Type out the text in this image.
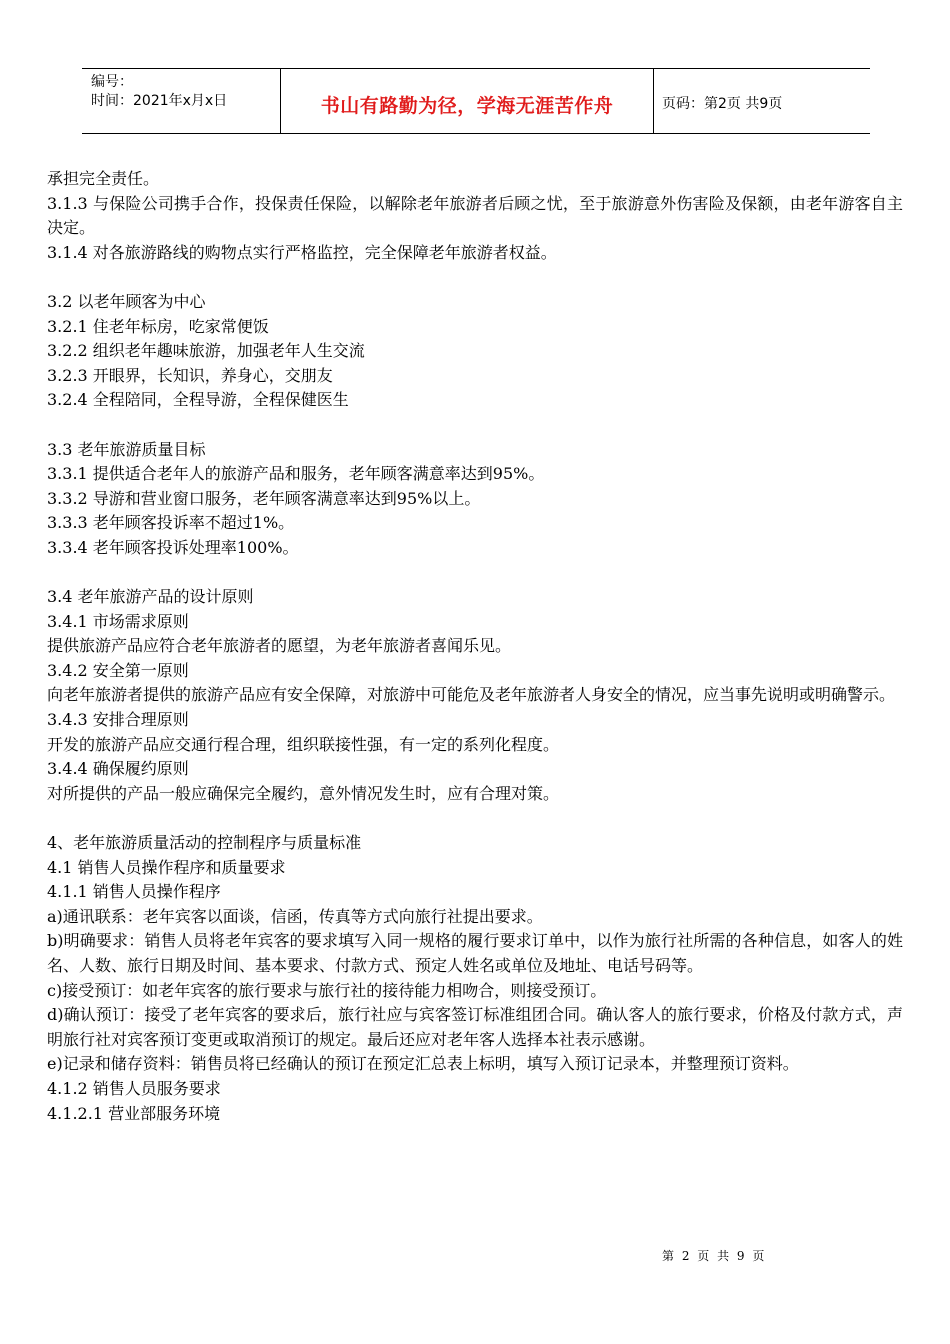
编号：
时间：2021年x月x日	书山有路勤为径，学海无涯苦作舟	页码：第2页 共9页

承担完全责任。

3.1.3 与保险公司携手合作，投保责任保险，以解除老年旅游者后顾之忧，至于旅游意外伤害险及保额，由老年游客自主决定。

3.1.4 对各旅游路线的购物点实行严格监控，完全保障老年旅游者权益。

3.2 以老年顾客为中心

3.2.1 住老年标房，吃家常便饭

3.2.2 组织老年趣味旅游，加强老年人生交流

3.2.3 开眼界，长知识，养身心，交朋友

3.2.4 全程陪同，全程导游，全程保健医生

3.3 老年旅游质量目标

3.3.1 提供适合老年人的旅游产品和服务，老年顾客满意率达到95%。

3.3.2 导游和营业窗口服务，老年顾客满意率达到95%以上。

3.3.3 老年顾客投诉率不超过1%。

3.3.4 老年顾客投诉处理率100%。

3.4 老年旅游产品的设计原则

3.4.1 市场需求原则

提供旅游产品应符合老年旅游者的愿望，为老年旅游者喜闻乐见。

3.4.2 安全第一原则

向老年旅游者提供的旅游产品应有安全保障，对旅游中可能危及老年旅游者人身安全的情况，应当事先说明或明确警示。

3.4.3 安排合理原则

开发的旅游产品应交通行程合理，组织联接性强，有一定的系列化程度。

3.4.4 确保履约原则

对所提供的产品一般应确保完全履约，意外情况发生时，应有合理对策。

4、老年旅游质量活动的控制程序与质量标准

4.1 销售人员操作程序和质量要求

4.1.1 销售人员操作程序

a)通讯联系：老年宾客以面谈，信函，传真等方式向旅行社提出要求。

b)明确要求：销售人员将老年宾客的要求填写入同一规格的履行要求订单中，以作为旅行社所需的各种信息，如客人的姓名、人数、旅行日期及时间、基本要求、付款方式、预定人姓名或单位及地址、电话号码等。

c)接受预订：如老年宾客的旅行要求与旅行社的接待能力相吻合，则接受预订。

d)确认预订：接受了老年宾客的要求后，旅行社应与宾客签订标准组团合同。确认客人的旅行要求，价格及付款方式，声明旅行社对宾客预订变更或取消预订的规定。最后还应对老年客人选择本社表示感谢。

e)记录和储存资料：销售员将已经确认的预订在预定汇总表上标明，填写入预订记录本，并整理预订资料。

4.1.2 销售人员服务要求

4.1.2.1 营业部服务环境

第 2 页 共 9 页
